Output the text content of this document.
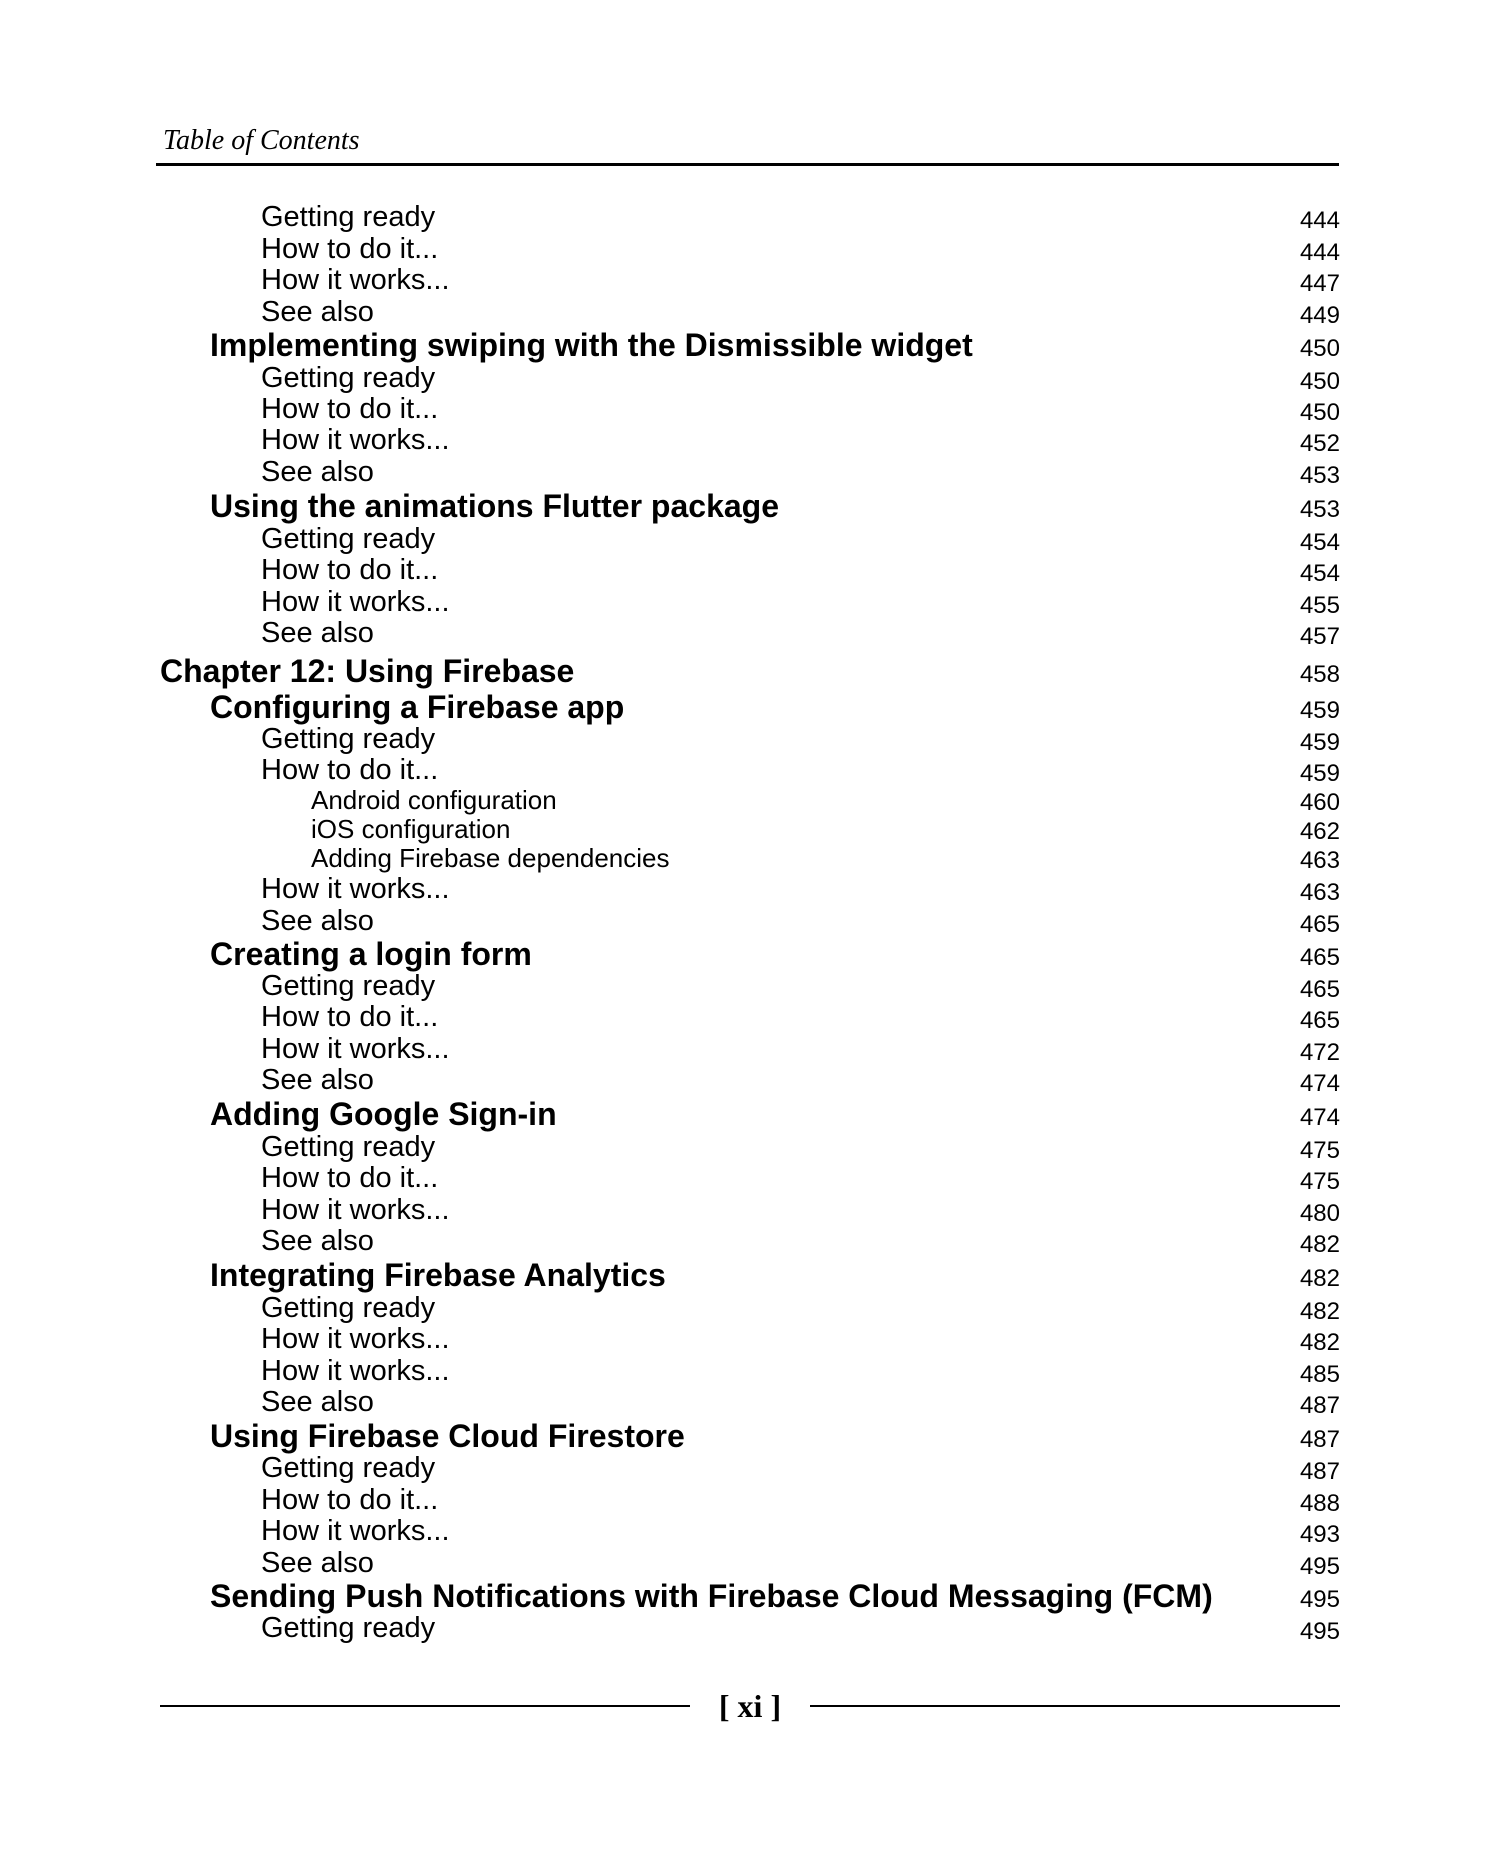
Table of Contents
Getting ready	444
How to do it...	444
How it works...	447
See also	449
Implementing swiping with the Dismissible widget	450
Getting ready	450
How to do it...	450
How it works...	452
See also	453
Using the animations Flutter package	453
Getting ready	454
How to do it...	454
How it works...	455
See also	457
Chapter 12: Using Firebase	458
Configuring a Firebase app	459
Getting ready	459
How to do it...	459
Android configuration	460
iOS configuration	462
Adding Firebase dependencies	463
How it works...	463
See also	465
Creating a login form	465
Getting ready	465
How to do it...	465
How it works...	472
See also	474
Adding Google Sign-in	474
Getting ready	475
How to do it...	475
How it works...	480
See also	482
Integrating Firebase Analytics	482
Getting ready	482
How it works...	482
How it works...	485
See also	487
Using Firebase Cloud Firestore	487
Getting ready	487
How to do it...	488
How it works...	493
See also	495
Sending Push Notifications with Firebase Cloud Messaging (FCM)	495
Getting ready	495
[ xi ]
